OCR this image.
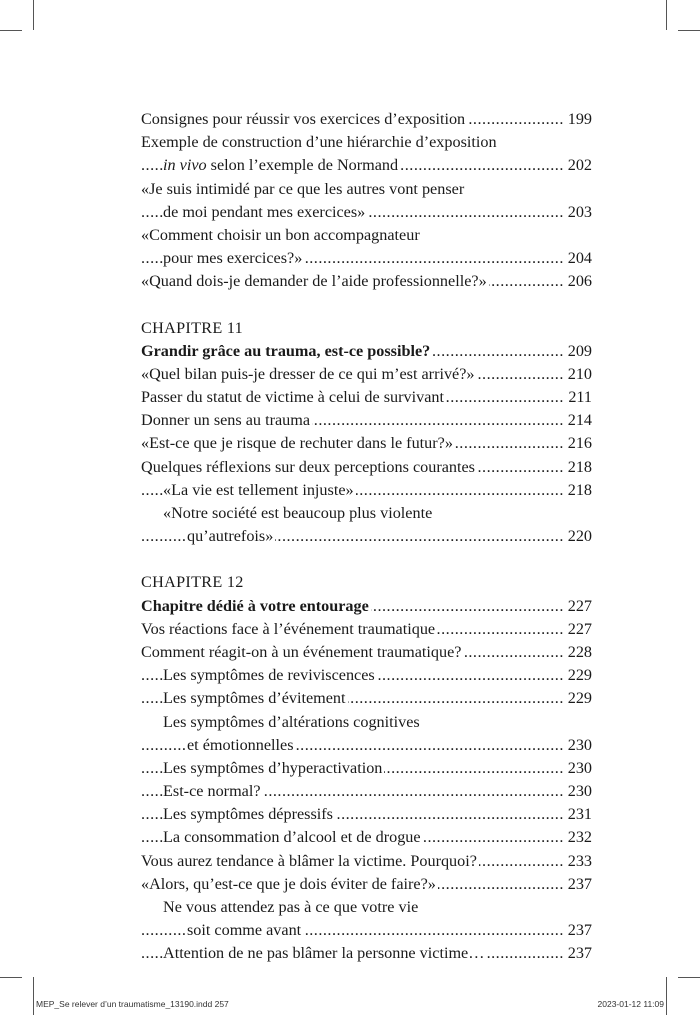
.....
Consignes pour réussir vos exercices d’exposition	199
Exemple de construction d’une hiérarchie d’exposition
.....
in vivo selon l’exemple de Normand	202
«Je suis intimidé par ce que les autres vont penser
.....
de moi pendant mes exercices»	203
«Comment choisir un bon accompagnateur
.....
pour mes exercices?»	204
.....
«Quand dois-je demander de l’aide professionnelle?»	206
CHAPITRE 11
.....
Grandir grâce au trauma, est-ce possible?	209
.....
«Quel bilan puis-je dresser de ce qui m’est arrivé?»	210
.....
Passer du statut de victime à celui de survivant	211
.....
Donner un sens au trauma	214
.....
«Est-ce que je risque de rechuter dans le futur?»	216
.....
Quelques réflexions sur deux perceptions courantes	218
.....
«La vie est tellement injuste»	218
«Notre société est beaucoup plus violente
.....
qu’autrefois»	220
CHAPITRE 12
.....
Chapitre dédié à votre entourage	227
.....
Vos réactions face à l’événement traumatique	227
.....
Comment réagit-on à un événement traumatique?	228
.....
Les symptômes de reviviscences	229
.....
Les symptômes d’évitement	229
Les symptômes d’altérations cognitives
.....
et émotionnelles	230
.....
Les symptômes d’hyperactivation	230
.....
Est-ce normal?	230
.....
Les symptômes dépressifs	231
.....
La consommation d’alcool et de drogue	232
.....
Vous aurez tendance à blâmer la victime. Pourquoi?	233
.....
«Alors, qu’est-ce que je dois éviter de faire?»	237
Ne vous attendez pas à ce que votre vie
.....
soit comme avant	237
.....
Attention de ne pas blâmer la personne victime…	237
MEP_Se relever d’un traumatisme_13190.indd 257	2023-01-12 11:09
